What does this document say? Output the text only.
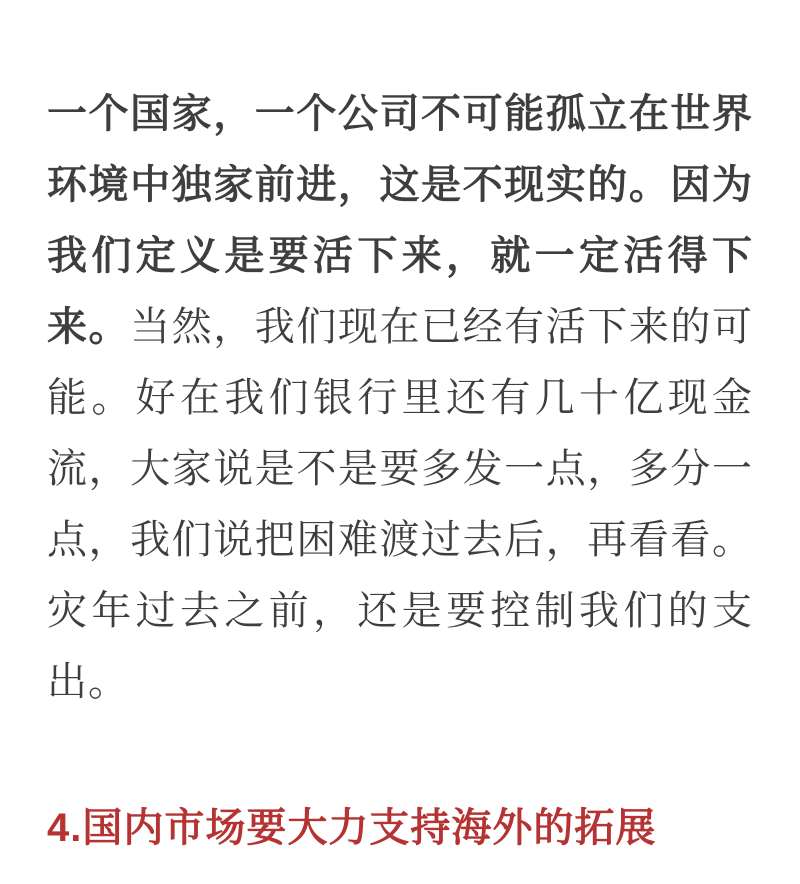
一个国家，一个公司不可能孤立在世界环境中独家前进，这是不现实的。因为我们定义是要活下来，就一定活得下来。当然，我们现在已经有活下来的可能。好在我们银行里还有几十亿现金流，大家说是不是要多发一点，多分一点，我们说把困难渡过去后，再看看。灾年过去之前，还是要控制我们的支出。

4.国内市场要大力支持海外的拓展
